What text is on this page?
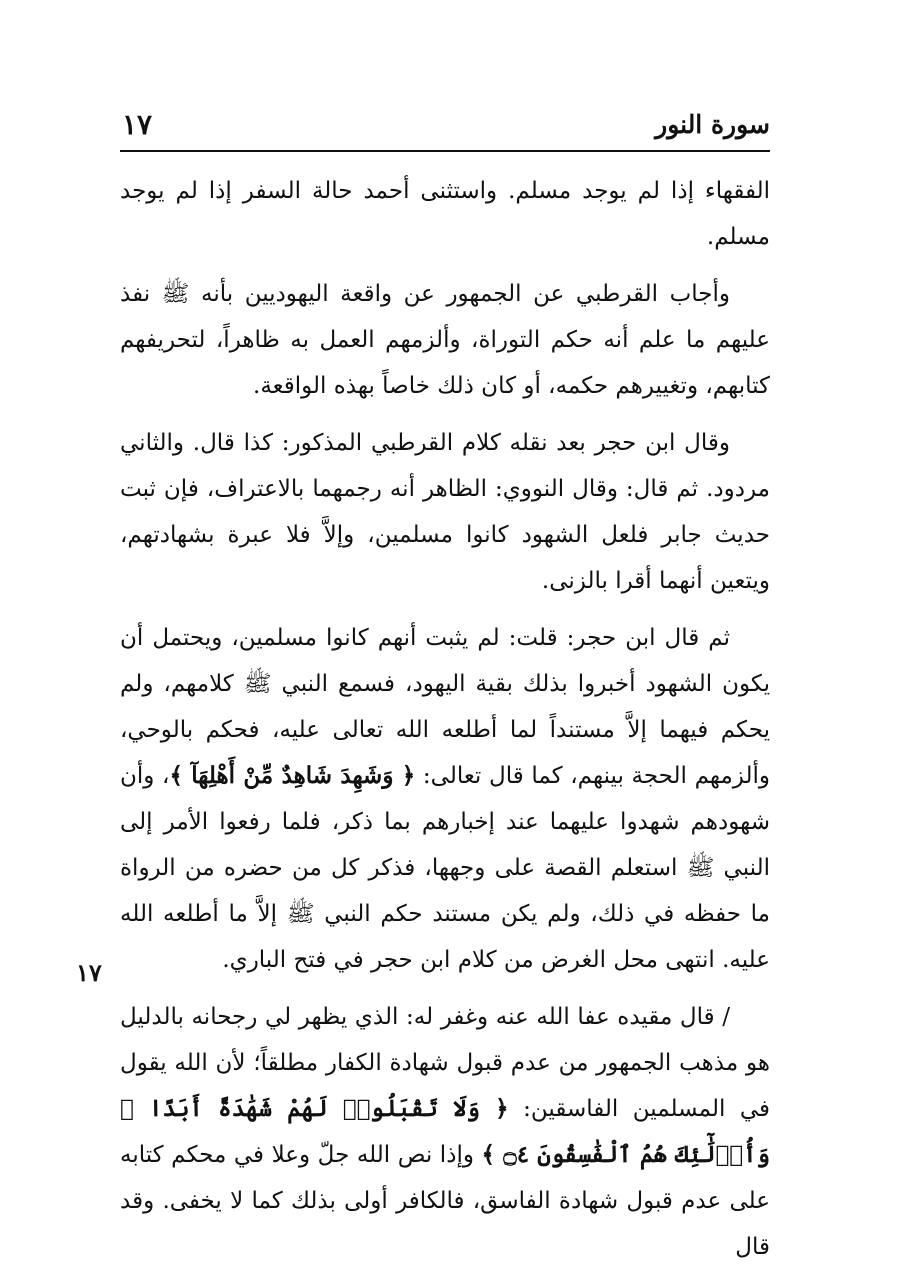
سورة النور
١٧

الفقهاء إذا لم يوجد مسلم. واستثنى أحمد حالة السفر إذا لم يوجد مسلم.

وأجاب القرطبي عن الجمهور عن واقعة اليهوديين بأنه ﷺ نفذ عليهم ما علم أنه حكم التوراة، وألزمهم العمل به ظاهراً، لتحريفهم كتابهم، وتغييرهم حكمه، أو كان ذلك خاصاً بهذه الواقعة.

وقال ابن حجر بعد نقله كلام القرطبي المذكور: كذا قال. والثاني مردود. ثم قال: وقال النووي: الظاهر أنه رجمهما بالاعتراف، فإن ثبت حديث جابر فلعل الشهود كانوا مسلمين، وإلاَّ فلا عبرة بشهادتهم، ويتعين أنهما أقرا بالزنى.

ثم قال ابن حجر: قلت: لم يثبت أنهم كانوا مسلمين، ويحتمل أن يكون الشهود أخبروا بذلك بقية اليهود، فسمع النبي ﷺ كلامهم، ولم يحكم فيهما إلاَّ مستنداً لما أطلعه الله تعالى عليه، فحكم بالوحي، وألزمهم الحجة بينهم، كما قال تعالى: ﴿ وَشَهِدَ شَاهِدٌ مِّنْ أَهْلِهَآ ﴾، وأن شهودهم شهدوا عليهما عند إخبارهم بما ذكر، فلما رفعوا الأمر إلى النبي ﷺ استعلم القصة على وجهها، فذكر كل من حضره من الرواة ما حفظه في ذلك، ولم يكن مستند حكم النبي ﷺ إلاَّ ما أطلعه الله عليه. انتهى محل الغرض من كلام ابن حجر في فتح الباري.

/ قال مقيده عفا الله عنه وغفر له: الذي يظهر لي رجحانه بالدليل هو مذهب الجمهور من عدم قبول شهادة الكفار مطلقاً؛ لأن الله يقول في المسلمين الفاسقين: ﴿ وَلَا تَقْبَلُوا۟ لَهُمْ شَهَٰدَةً أَبَدًا ۚ وَأُو۟لَٰٓئِكَ هُمُ ٱلْفَٰسِقُونَ ۝٤ ﴾ وإذا نص الله جلّ وعلا في محكم كتابه على عدم قبول شهادة الفاسق، فالكافر أولى بذلك كما لا يخفى. وقد قال

١٧
